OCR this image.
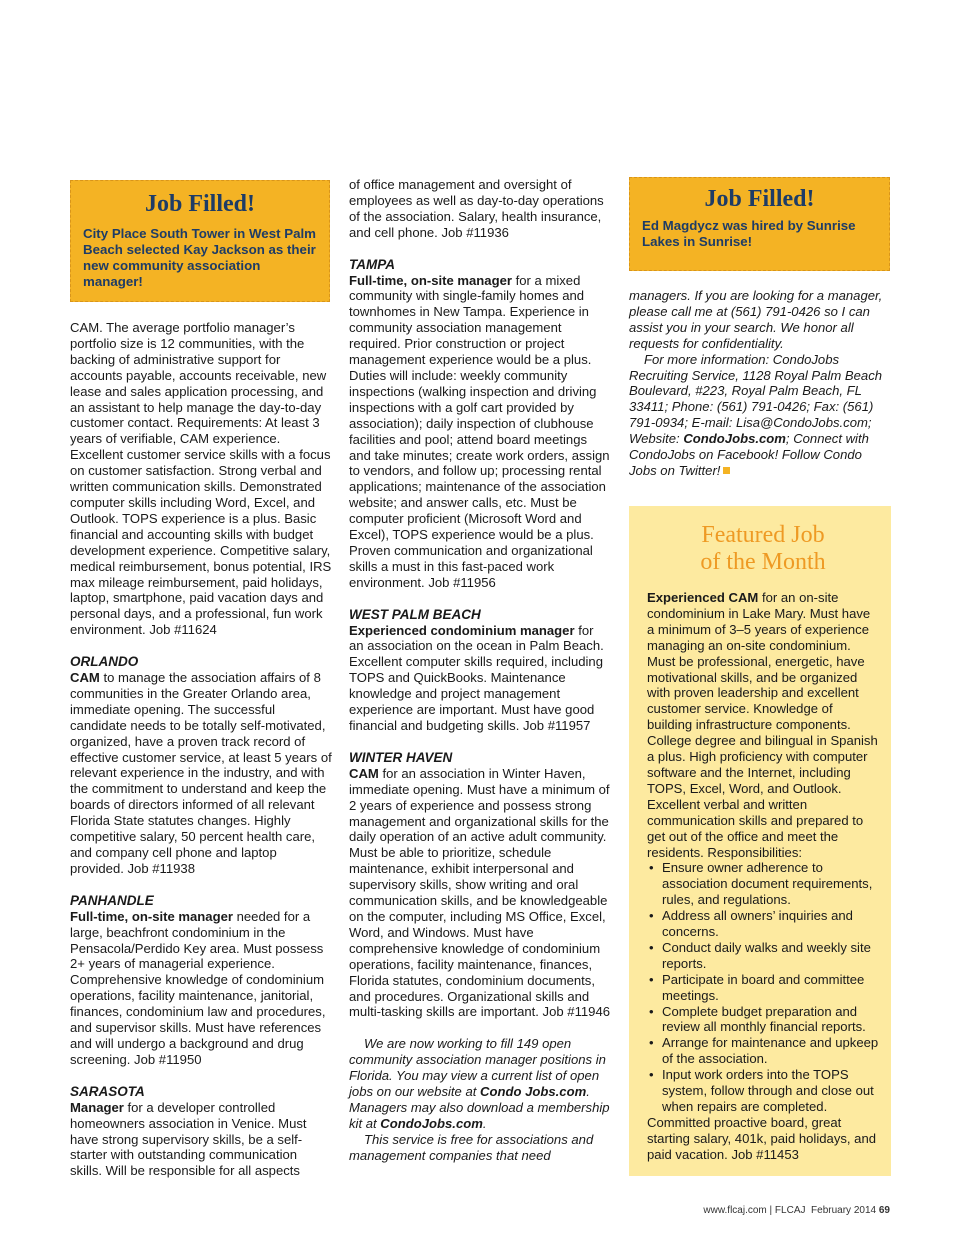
Job Filled!

City Place South Tower in West Palm Beach selected Kay Jackson as their new community association manager!

Job Filled!

Ed Magdycz was hired by Sunrise Lakes in Sunrise!

CAM. The average portfolio manager’s portfolio size is 12 communities, with the backing of administrative support for accounts payable, accounts receivable, new lease and sales application processing, and an assistant to help manage the day-to-day customer contact. Requirements: At least 3 years of verifiable, CAM experience. Excellent customer service skills with a focus on customer satisfaction. Strong verbal and written communication skills. Demonstrated computer skills including Word, Excel, and Outlook. TOPS experience is a plus. Basic financial and accounting skills with budget development experience. Competitive salary, medical reimbursement, bonus potential, IRS max mileage reimbursement, paid holidays, laptop, smartphone, paid vacation days and personal days, and a professional, fun work environment. Job #11624

ORLANDO

CAM to manage the association affairs of 8 communities in the Greater Orlando area, immediate opening. The successful candidate needs to be totally self-motivated, organized, have a proven track record of effective customer service, at least 5 years of relevant experience in the industry, and with the commitment to understand and keep the boards of directors informed of all relevant Florida State statutes changes. Highly competitive salary, 50 percent health care, and company cell phone and laptop provided. Job #11938

PANHANDLE

Full-time, on-site manager needed for a large, beachfront condominium in the Pensacola/Perdido Key area. Must possess 2+ years of managerial experience. Comprehensive knowledge of condominium operations, facility maintenance, janitorial, finances, condominium law and procedures, and supervisor skills. Must have references and will undergo a background and drug screening. Job #11950

SARASOTA

Manager for a developer controlled homeowners association in Venice. Must have strong supervisory skills, be a self-starter with outstanding communication skills. Will be responsible for all aspects

of office management and oversight of employees as well as day-to-day operations of the association. Salary, health insurance, and cell phone. Job #11936

TAMPA

Full-time, on-site manager for a mixed community with single-family homes and townhomes in New Tampa. Experience in community association management required. Prior construction or project management experience would be a plus. Duties will include: weekly community inspections (walking inspection and driving inspections with a golf cart provided by association); daily inspection of clubhouse facilities and pool; attend board meetings and take minutes; create work orders, assign to vendors, and follow up; processing rental applications; maintenance of the association website; and answer calls, etc. Must be computer proficient (Microsoft Word and Excel), TOPS experience would be a plus. Proven communication and organizational skills a must in this fast-paced work environment. Job #11956

WEST PALM BEACH

Experienced condominium manager for an association on the ocean in Palm Beach. Excellent computer skills required, including TOPS and QuickBooks. Maintenance knowledge and project management experience are important. Must have good financial and budgeting skills. Job #11957

WINTER HAVEN

CAM for an association in Winter Haven, immediate opening. Must have a minimum of 2 years of experience and possess strong management and organizational skills for the daily operation of an active adult community. Must be able to prioritize, schedule maintenance, exhibit interpersonal and supervisory skills, show writing and oral communication skills, and be knowledgeable on the computer, including MS Office, Excel, Word, and Windows. Must have comprehensive knowledge of condominium operations, facility maintenance, finances, Florida statutes, condominium documents, and procedures. Organizational skills and multi-tasking skills are important. Job #11946

We are now working to fill 149 open community association manager positions in Florida. You may view a current list of open jobs on our website at Condo Jobs.com. Managers may also download a membership kit at CondoJobs.com.

This service is free for associations and management companies that need

managers. If you are looking for a manager, please call me at (561) 791-0426 so I can assist you in your search. We honor all requests for confidentiality.

For more information: CondoJobs Recruiting Service, 1128 Royal Palm Beach Boulevard, #223, Royal Palm Beach, FL 33411; Phone: (561) 791-0426; Fax: (561) 791-0934; E-mail: Lisa@CondoJobs.com; Website: CondoJobs.com; Connect with CondoJobs on Facebook! Follow Condo Jobs on Twitter!

Featured Job
of the Month

Experienced CAM for an on-site condominium in Lake Mary. Must have a minimum of 3–5 years of experience managing an on-site condominium. Must be professional, energetic, have motivational skills, and be organized with proven leadership and excellent customer service. Knowledge of building infrastructure components. College degree and bilingual in Spanish a plus. High proficiency with computer software and the Internet, including TOPS, Excel, Word, and Outlook. Excellent verbal and written communication skills and prepared to get out of the office and meet the residents. Responsibilities:

• Ensure owner adherence to association document requirements, rules, and regulations.
• Address all owners’ inquiries and concerns.
• Conduct daily walks and weekly site reports.
• Participate in board and committee meetings.
• Complete budget preparation and review all monthly financial reports.
• Arrange for maintenance and upkeep of the association.
• Input work orders into the TOPS system, follow through and close out when repairs are completed.

Committed proactive board, great starting salary, 401k, paid holidays, and paid vacation. Job #11453

www.flcaj.com | FLCAJ  February 2014 69
